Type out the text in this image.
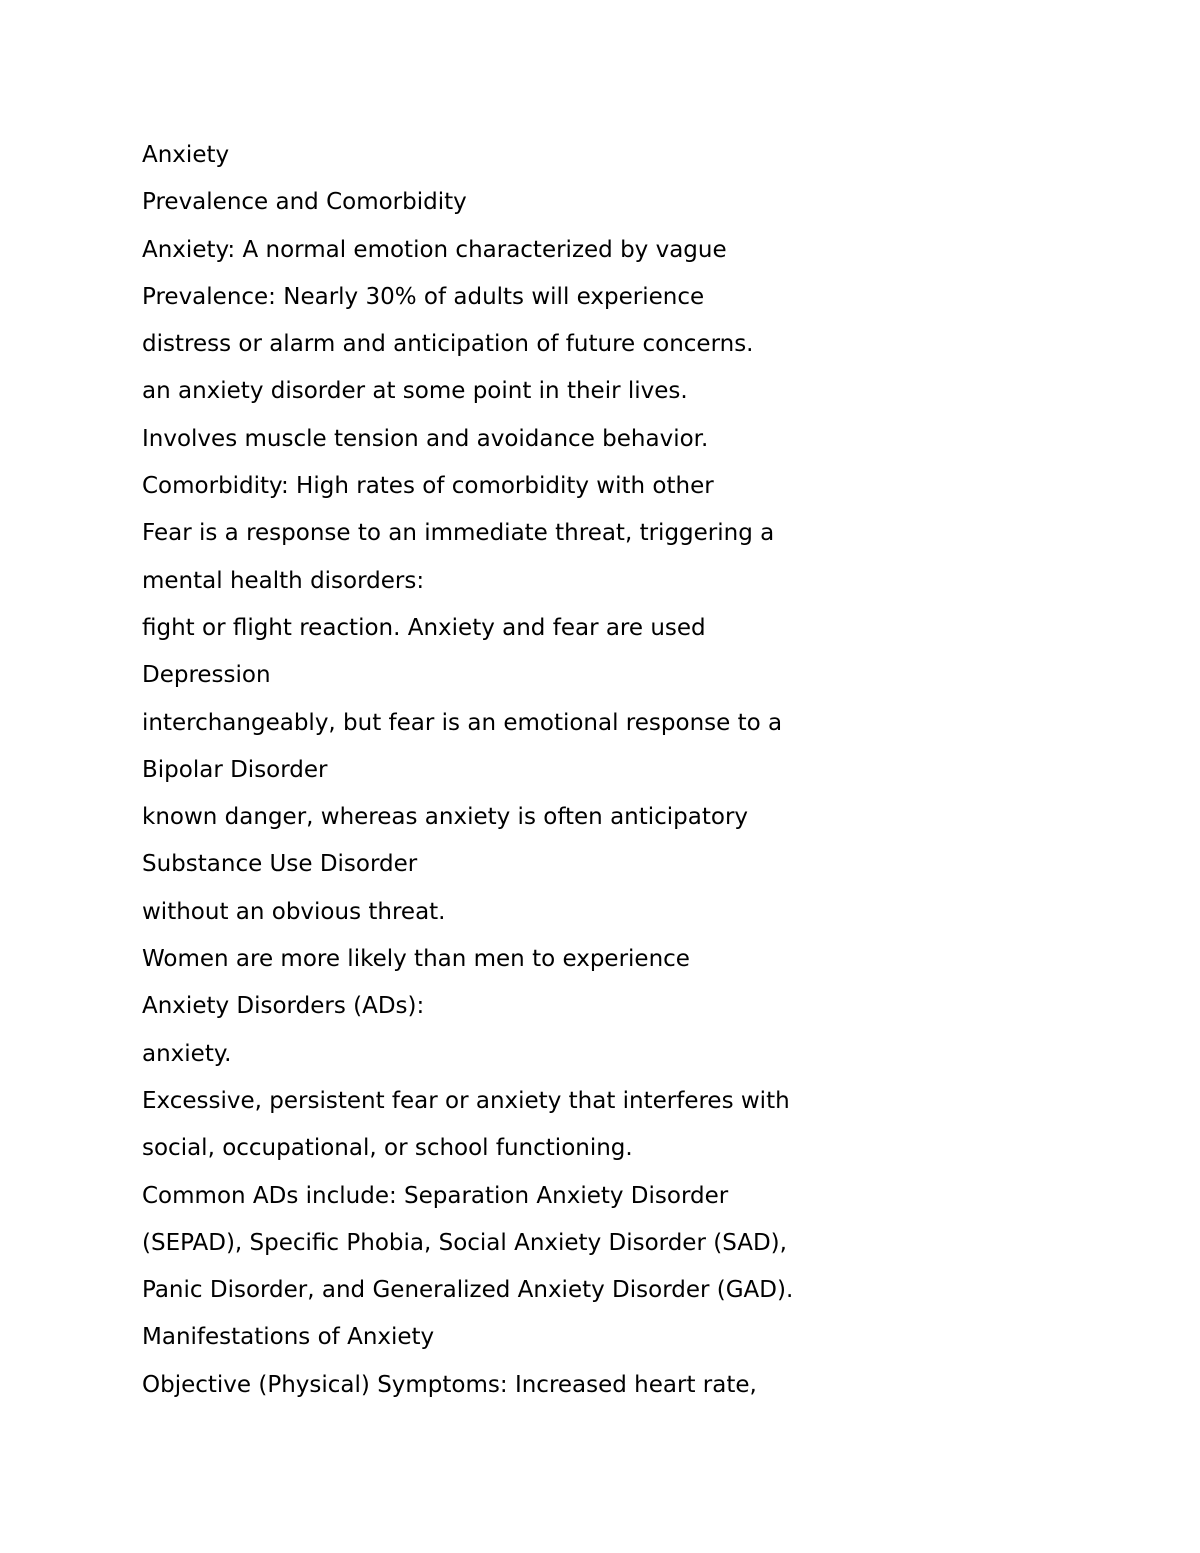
Anxiety

Prevalence and Comorbidity

Anxiety: A normal emotion characterized by vague

Prevalence: Nearly 30% of adults will experience

distress or alarm and anticipation of future concerns.

an anxiety disorder at some point in their lives.

Involves muscle tension and avoidance behavior.

Comorbidity: High rates of comorbidity with other

Fear is a response to an immediate threat, triggering a

mental health disorders:

fight or flight reaction. Anxiety and fear are used

Depression

interchangeably, but fear is an emotional response to a

Bipolar Disorder

known danger, whereas anxiety is often anticipatory

Substance Use Disorder

without an obvious threat.

Women are more likely than men to experience

Anxiety Disorders (ADs):

anxiety.

Excessive, persistent fear or anxiety that interferes with

social, occupational, or school functioning.

Common ADs include: Separation Anxiety Disorder

(SEPAD), Specific Phobia, Social Anxiety Disorder (SAD),

Panic Disorder, and Generalized Anxiety Disorder (GAD).

Manifestations of Anxiety

Objective (Physical) Symptoms: Increased heart rate,
